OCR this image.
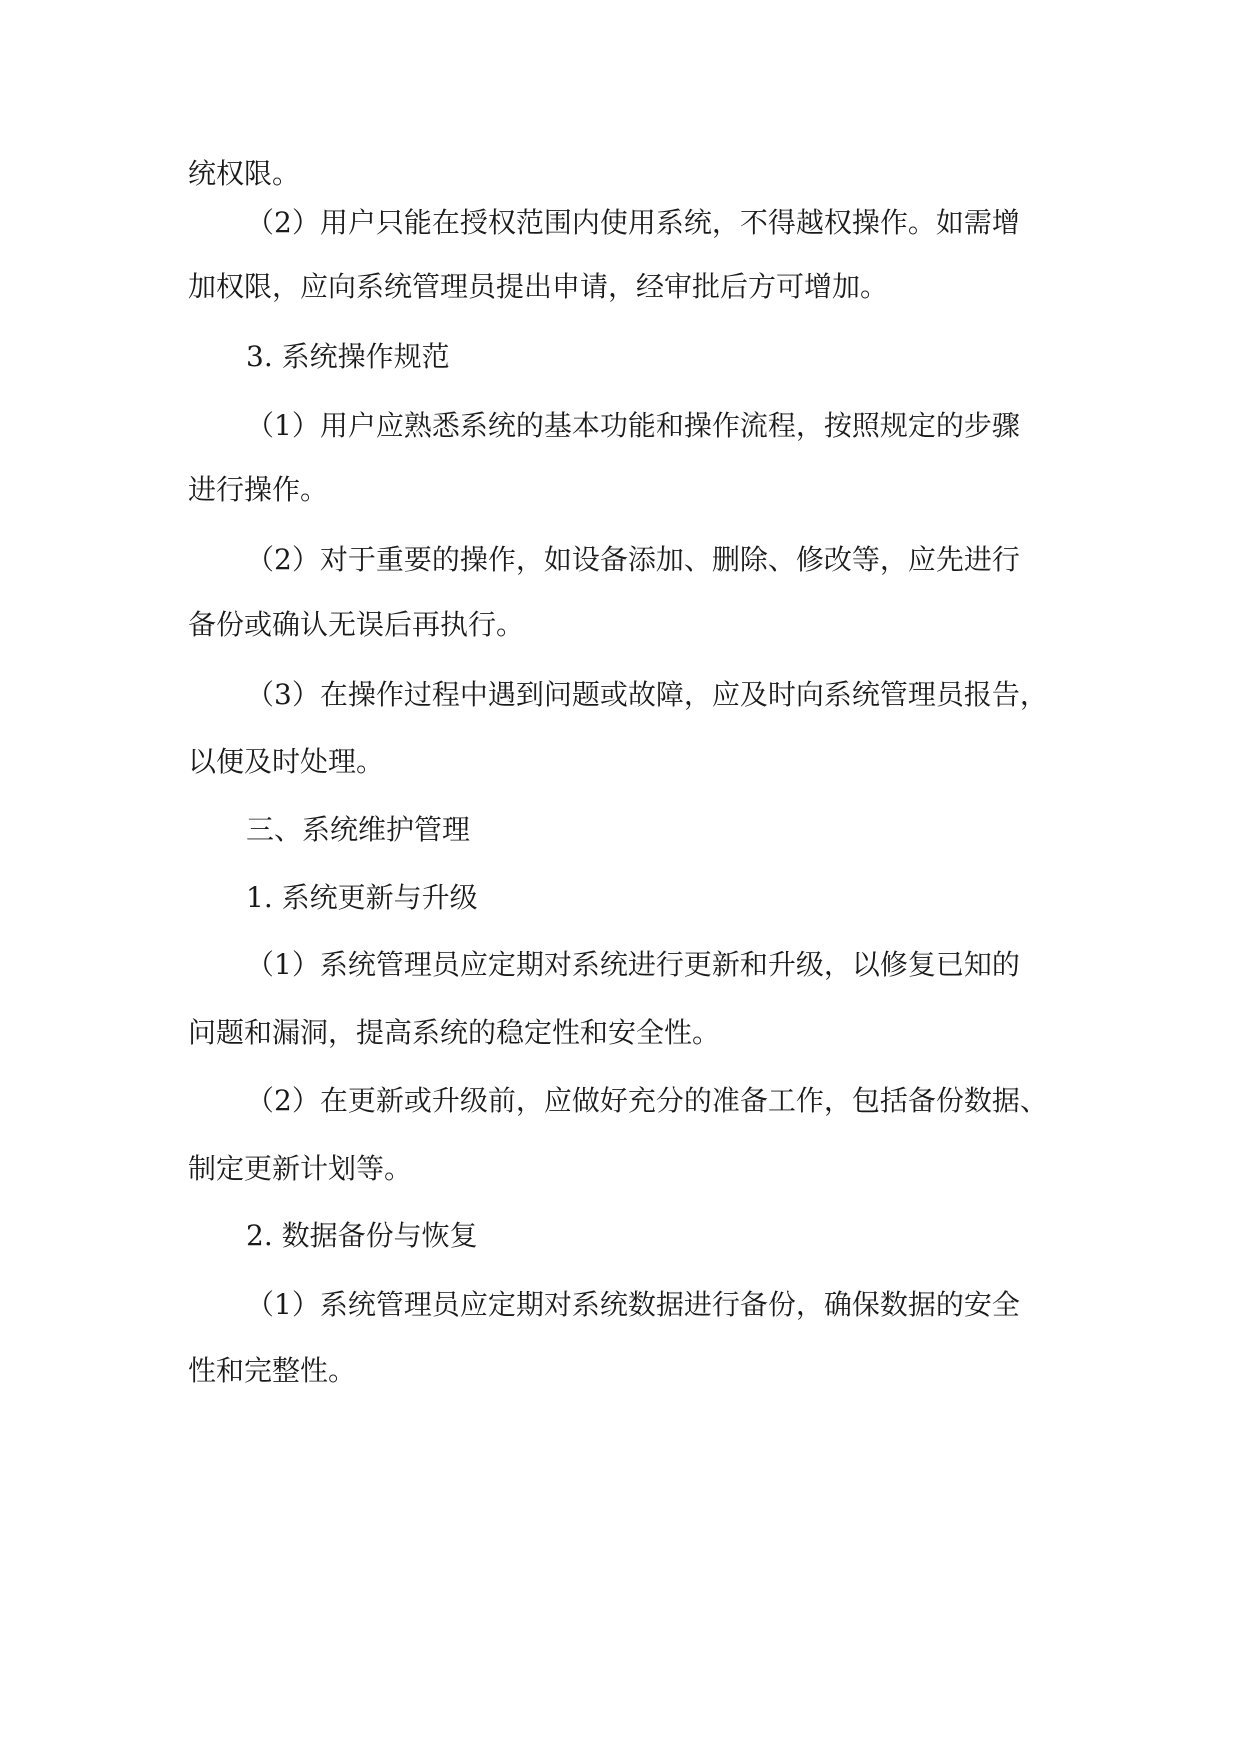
统权限。

（2）用户只能在授权范围内使用系统，不得越权操作。如需增

加权限，应向系统管理员提出申请，经审批后方可增加。

3. 系统操作规范

（1）用户应熟悉系统的基本功能和操作流程，按照规定的步骤

进行操作。

（2）对于重要的操作，如设备添加、删除、修改等，应先进行

备份或确认无误后再执行。

（3）在操作过程中遇到问题或故障，应及时向系统管理员报告，

以便及时处理。

三、系统维护管理

1. 系统更新与升级

（1）系统管理员应定期对系统进行更新和升级，以修复已知的

问题和漏洞，提高系统的稳定性和安全性。

（2）在更新或升级前，应做好充分的准备工作，包括备份数据、

制定更新计划等。

2. 数据备份与恢复

（1）系统管理员应定期对系统数据进行备份，确保数据的安全

性和完整性。
